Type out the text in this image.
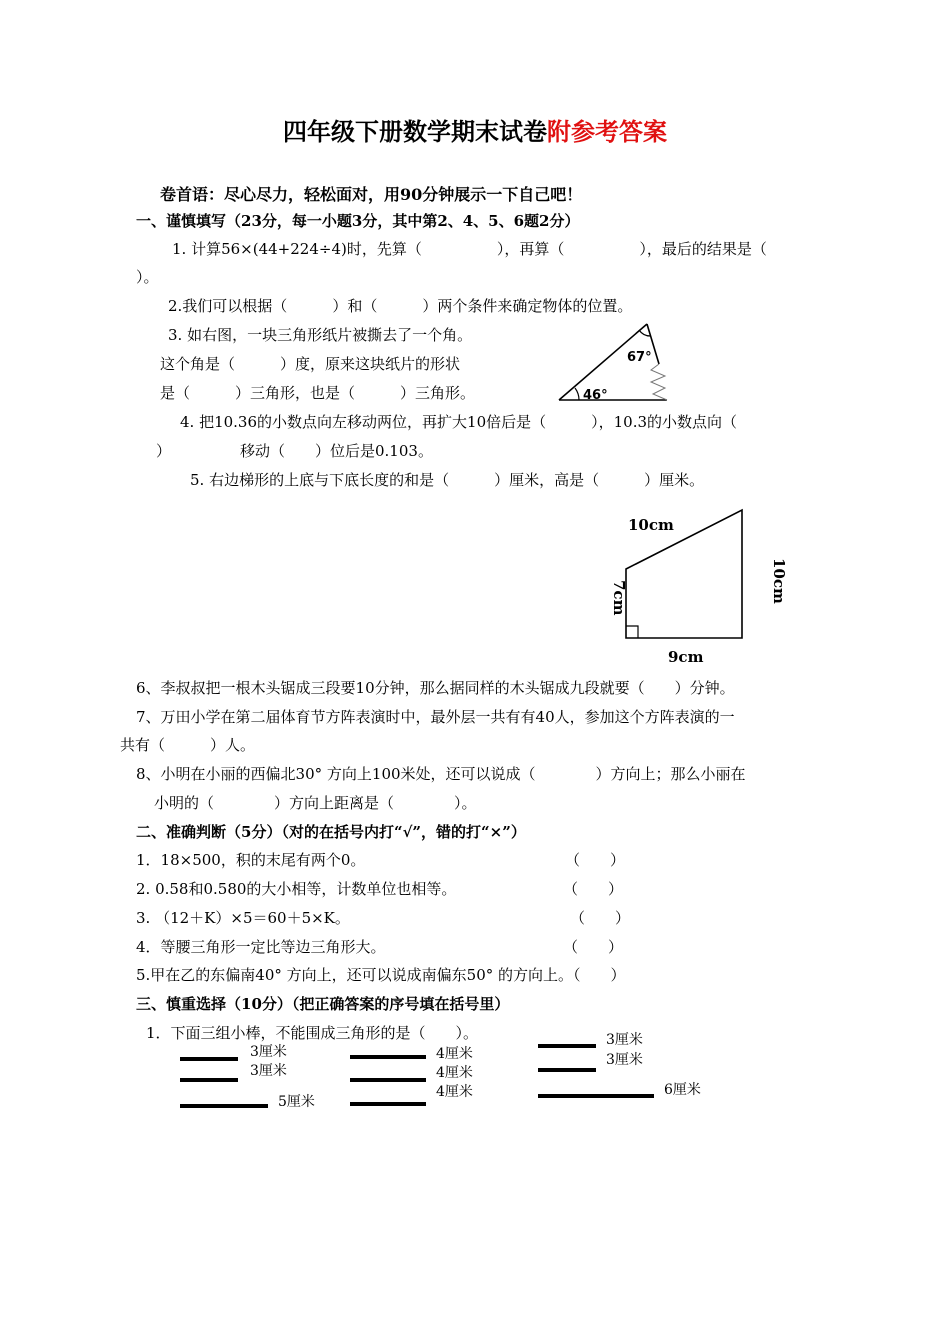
四年级下册数学期末试卷附参考答案
卷首语：尽心尽力，轻松面对，用90分钟展示一下自己吧！
一、谨慎填写（23分，每一小题3分，其中第2、4、5、6题2分）
1. 计算56×(44+224÷4)时，先算（　　　　　），再算（　　　　　），最后的结果是（
）。
2.我们可以根据（　　　）和（　　　）两个条件来确定物体的位置。
3. 如右图，一块三角形纸片被撕去了一个角。
这个角是（　　　）度，原来这块纸片的形状
是（　　　）三角形，也是（　　　）三角形。
67°
46°
4. 把10.36的小数点向左移动两位，再扩大10倍后是（　　　），10.3的小数点向（
）	移动（　　）位后是0.103。
5. 右边梯形的上底与下底长度的和是（　　　）厘米，高是（　　　）厘米。
10cm
10cm
7cm
9cm
6、李叔叔把一根木头锯成三段要10分钟，那么据同样的木头锯成九段就要（　　）分钟。
7、万田小学在第二届体育节方阵表演时中，最外层一共有有40人，参加这个方阵表演的一
共有（　　　）人。
8、小明在小丽的西偏北30° 方向上100米处，还可以说成（　　　　）方向上；那么小丽在
小明的（　　　　）方向上距离是（　　　　）。
二、准确判断（5分）（对的在括号内打“√”，错的打“×”）
1．18×500，积的末尾有两个0。	（　　）
2. 0.58和0.580的大小相等，计数单位也相等。	（　　）
3. （12＋K）×5＝60＋5×K。	（　　）
4．等腰三角形一定比等边三角形大。	（　　）
5.甲在乙的东偏南40° 方向上，还可以说成南偏东50° 的方向上。（　　）
三、慎重选择（10分）（把正确答案的序号填在括号里）
1．下面三组小棒，不能围成三角形的是（　　）。
3厘米
3厘米
5厘米
4厘米
4厘米
4厘米
3厘米
3厘米
6厘米
